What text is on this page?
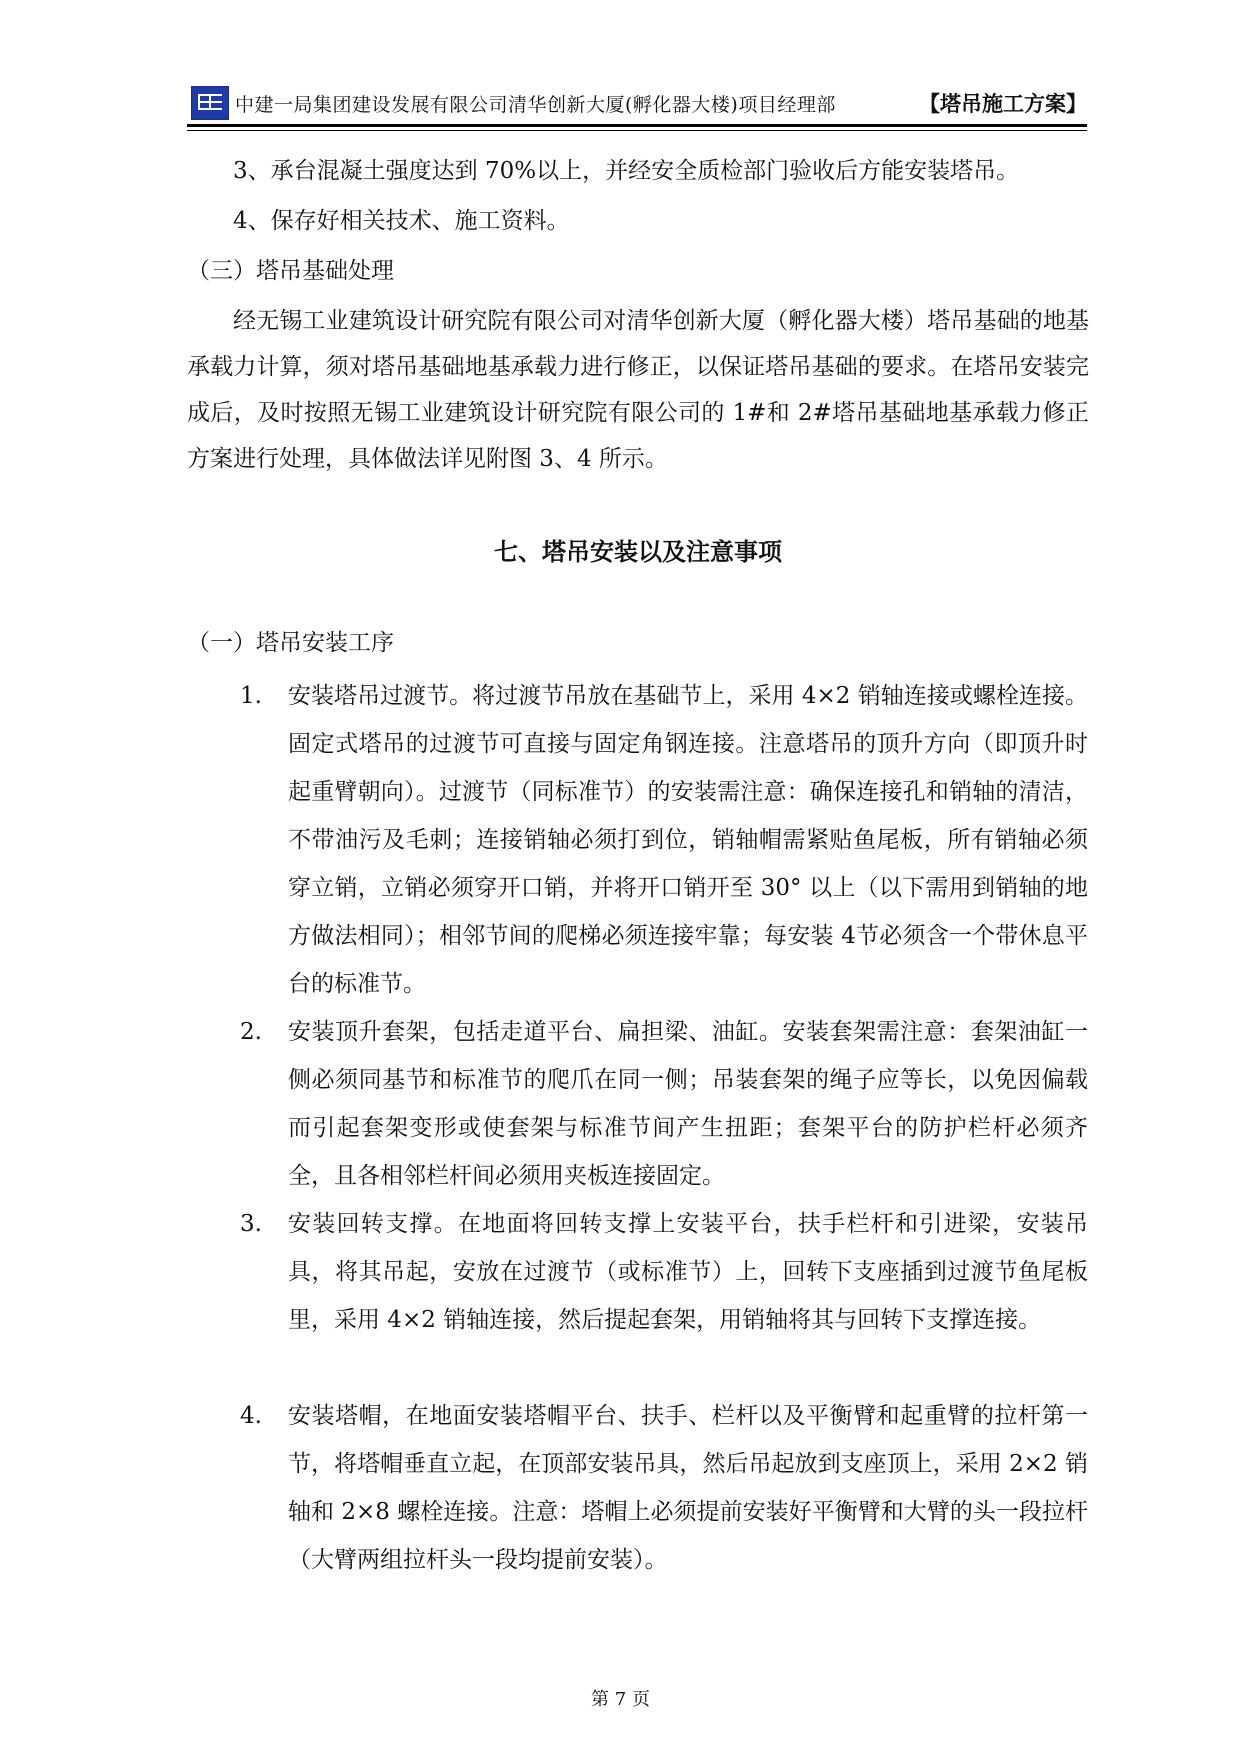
中建一局集团建设发展有限公司清华创新大厦(孵化器大楼)项目经理部	【塔吊施工方案】
3、承台混凝土强度达到 70%以上，并经安全质检部门验收后方能安装塔吊。
4、保存好相关技术、施工资料。
（三）塔吊基础处理
经无锡工业建筑设计研究院有限公司对清华创新大厦（孵化器大楼）塔吊基础的地基承载力计算，须对塔吊基础地基承载力进行修正，以保证塔吊基础的要求。在塔吊安装完成后，及时按照无锡工业建筑设计研究院有限公司的 1#和 2#塔吊基础地基承载力修正方案进行处理，具体做法详见附图 3、4 所示。
七、塔吊安装以及注意事项
（一）塔吊安装工序
1. 安装塔吊过渡节。将过渡节吊放在基础节上，采用 4×2 销轴连接或螺栓连接。固定式塔吊的过渡节可直接与固定角钢连接。注意塔吊的顶升方向（即顶升时起重臂朝向）。过渡节（同标准节）的安装需注意：确保连接孔和销轴的清洁，不带油污及毛刺；连接销轴必须打到位，销轴帽需紧贴鱼尾板，所有销轴必须穿立销，立销必须穿开口销，并将开口销开至 30° 以上（以下需用到销轴的地方做法相同）；相邻节间的爬梯必须连接牢靠；每安装 4节必须含一个带休息平台的标准节。
2. 安装顶升套架，包括走道平台、扁担梁、油缸。安装套架需注意：套架油缸一侧必须同基节和标准节的爬爪在同一侧；吊装套架的绳子应等长，以免因偏载而引起套架变形或使套架与标准节间产生扭距；套架平台的防护栏杆必须齐全，且各相邻栏杆间必须用夹板连接固定。
3. 安装回转支撑。在地面将回转支撑上安装平台，扶手栏杆和引进梁，安装吊具，将其吊起，安放在过渡节（或标准节）上，回转下支座插到过渡节鱼尾板里，采用 4×2 销轴连接，然后提起套架，用销轴将其与回转下支撑连接。
4. 安装塔帽，在地面安装塔帽平台、扶手、栏杆以及平衡臂和起重臂的拉杆第一节，将塔帽垂直立起，在顶部安装吊具，然后吊起放到支座顶上，采用 2×2 销轴和 2×8 螺栓连接。注意：塔帽上必须提前安装好平衡臂和大臂的头一段拉杆（大臂两组拉杆头一段均提前安装）。
第 7 页
